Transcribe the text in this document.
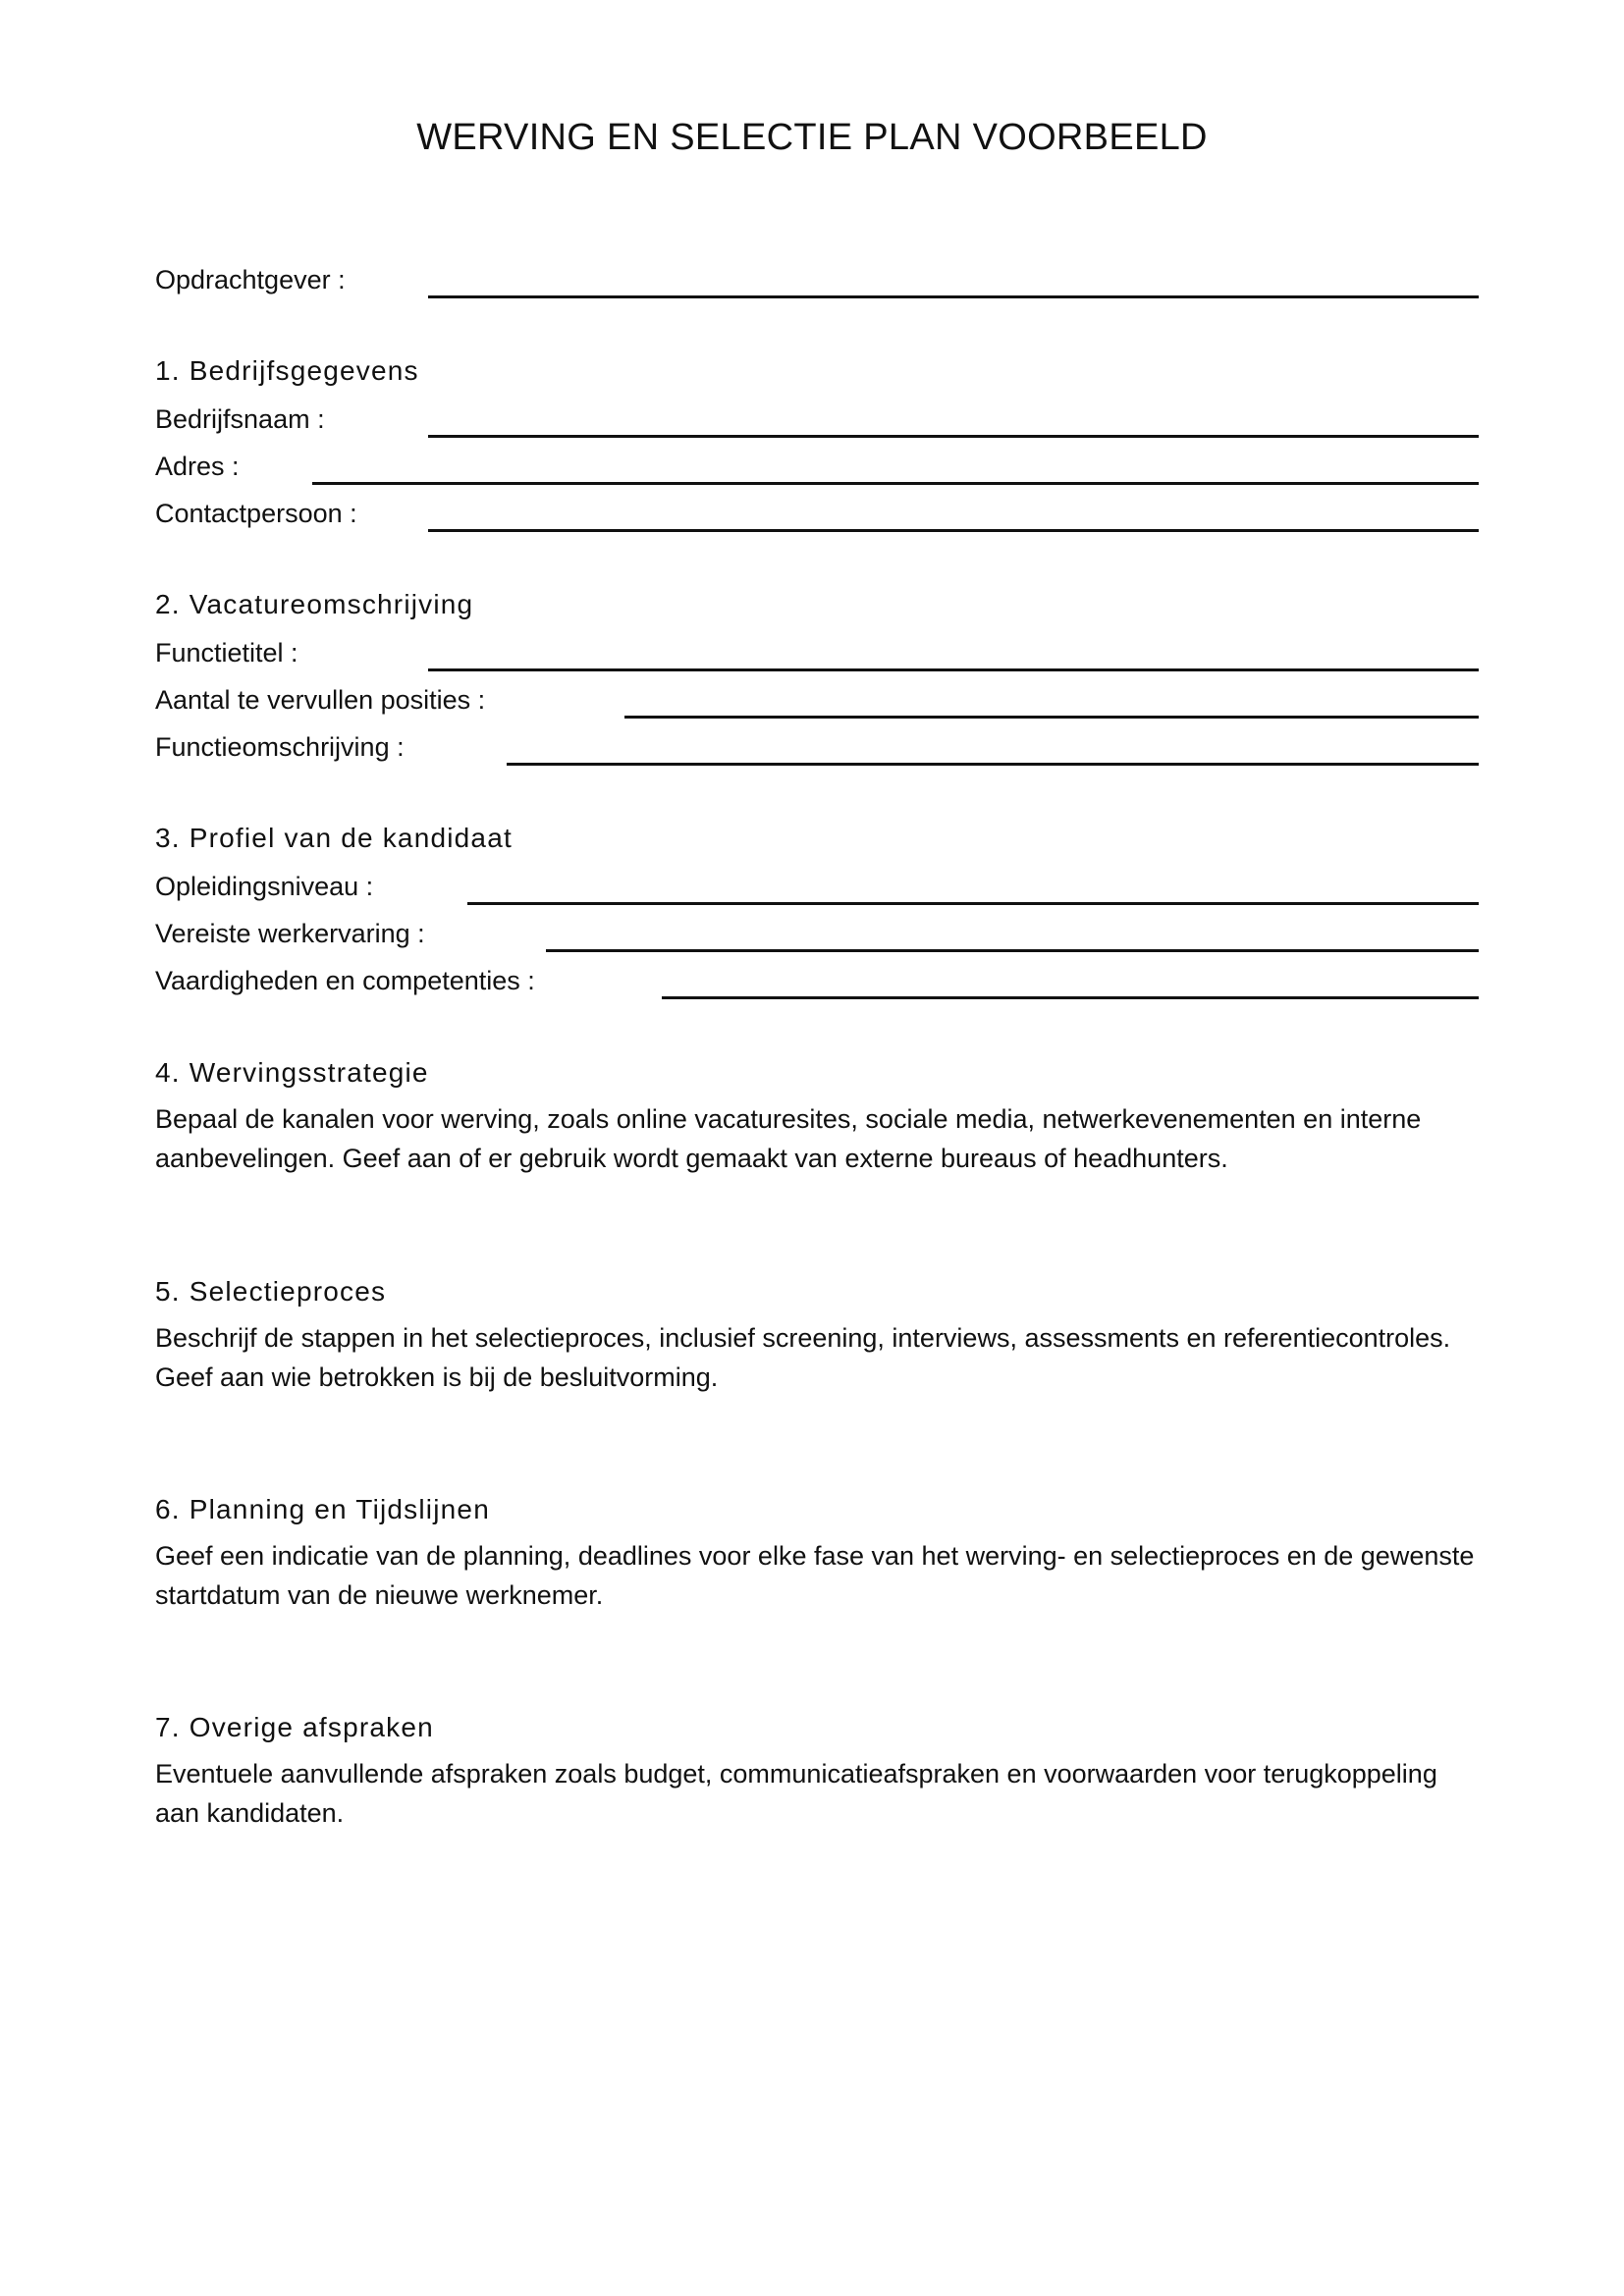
WERVING EN SELECTIE PLAN VOORBEELD
Opdrachtgever :
1. Bedrijfsgegevens
Bedrijfsnaam :
Adres :
Contactpersoon :
2. Vacatureomschrijving
Functietitel :
Aantal te vervullen posities :
Functieomschrijving :
3. Profiel van de kandidaat
Opleidingsniveau :
Vereiste werkervaring :
Vaardigheden en competenties :
4. Wervingsstrategie
Bepaal de kanalen voor werving, zoals online vacaturesites, sociale media, netwerkevenementen en interne aanbevelingen. Geef aan of er gebruik wordt gemaakt van externe bureaus of headhunters.
5. Selectieproces
Beschrijf de stappen in het selectieproces, inclusief screening, interviews, assessments en referentiecontroles. Geef aan wie betrokken is bij de besluitvorming.
6. Planning en Tijdslijnen
Geef een indicatie van de planning, deadlines voor elke fase van het werving- en selectieproces en de gewenste startdatum van de nieuwe werknemer.
7. Overige afspraken
Eventuele aanvullende afspraken zoals budget, communicatieafspraken en voorwaarden voor terugkoppeling aan kandidaten.
